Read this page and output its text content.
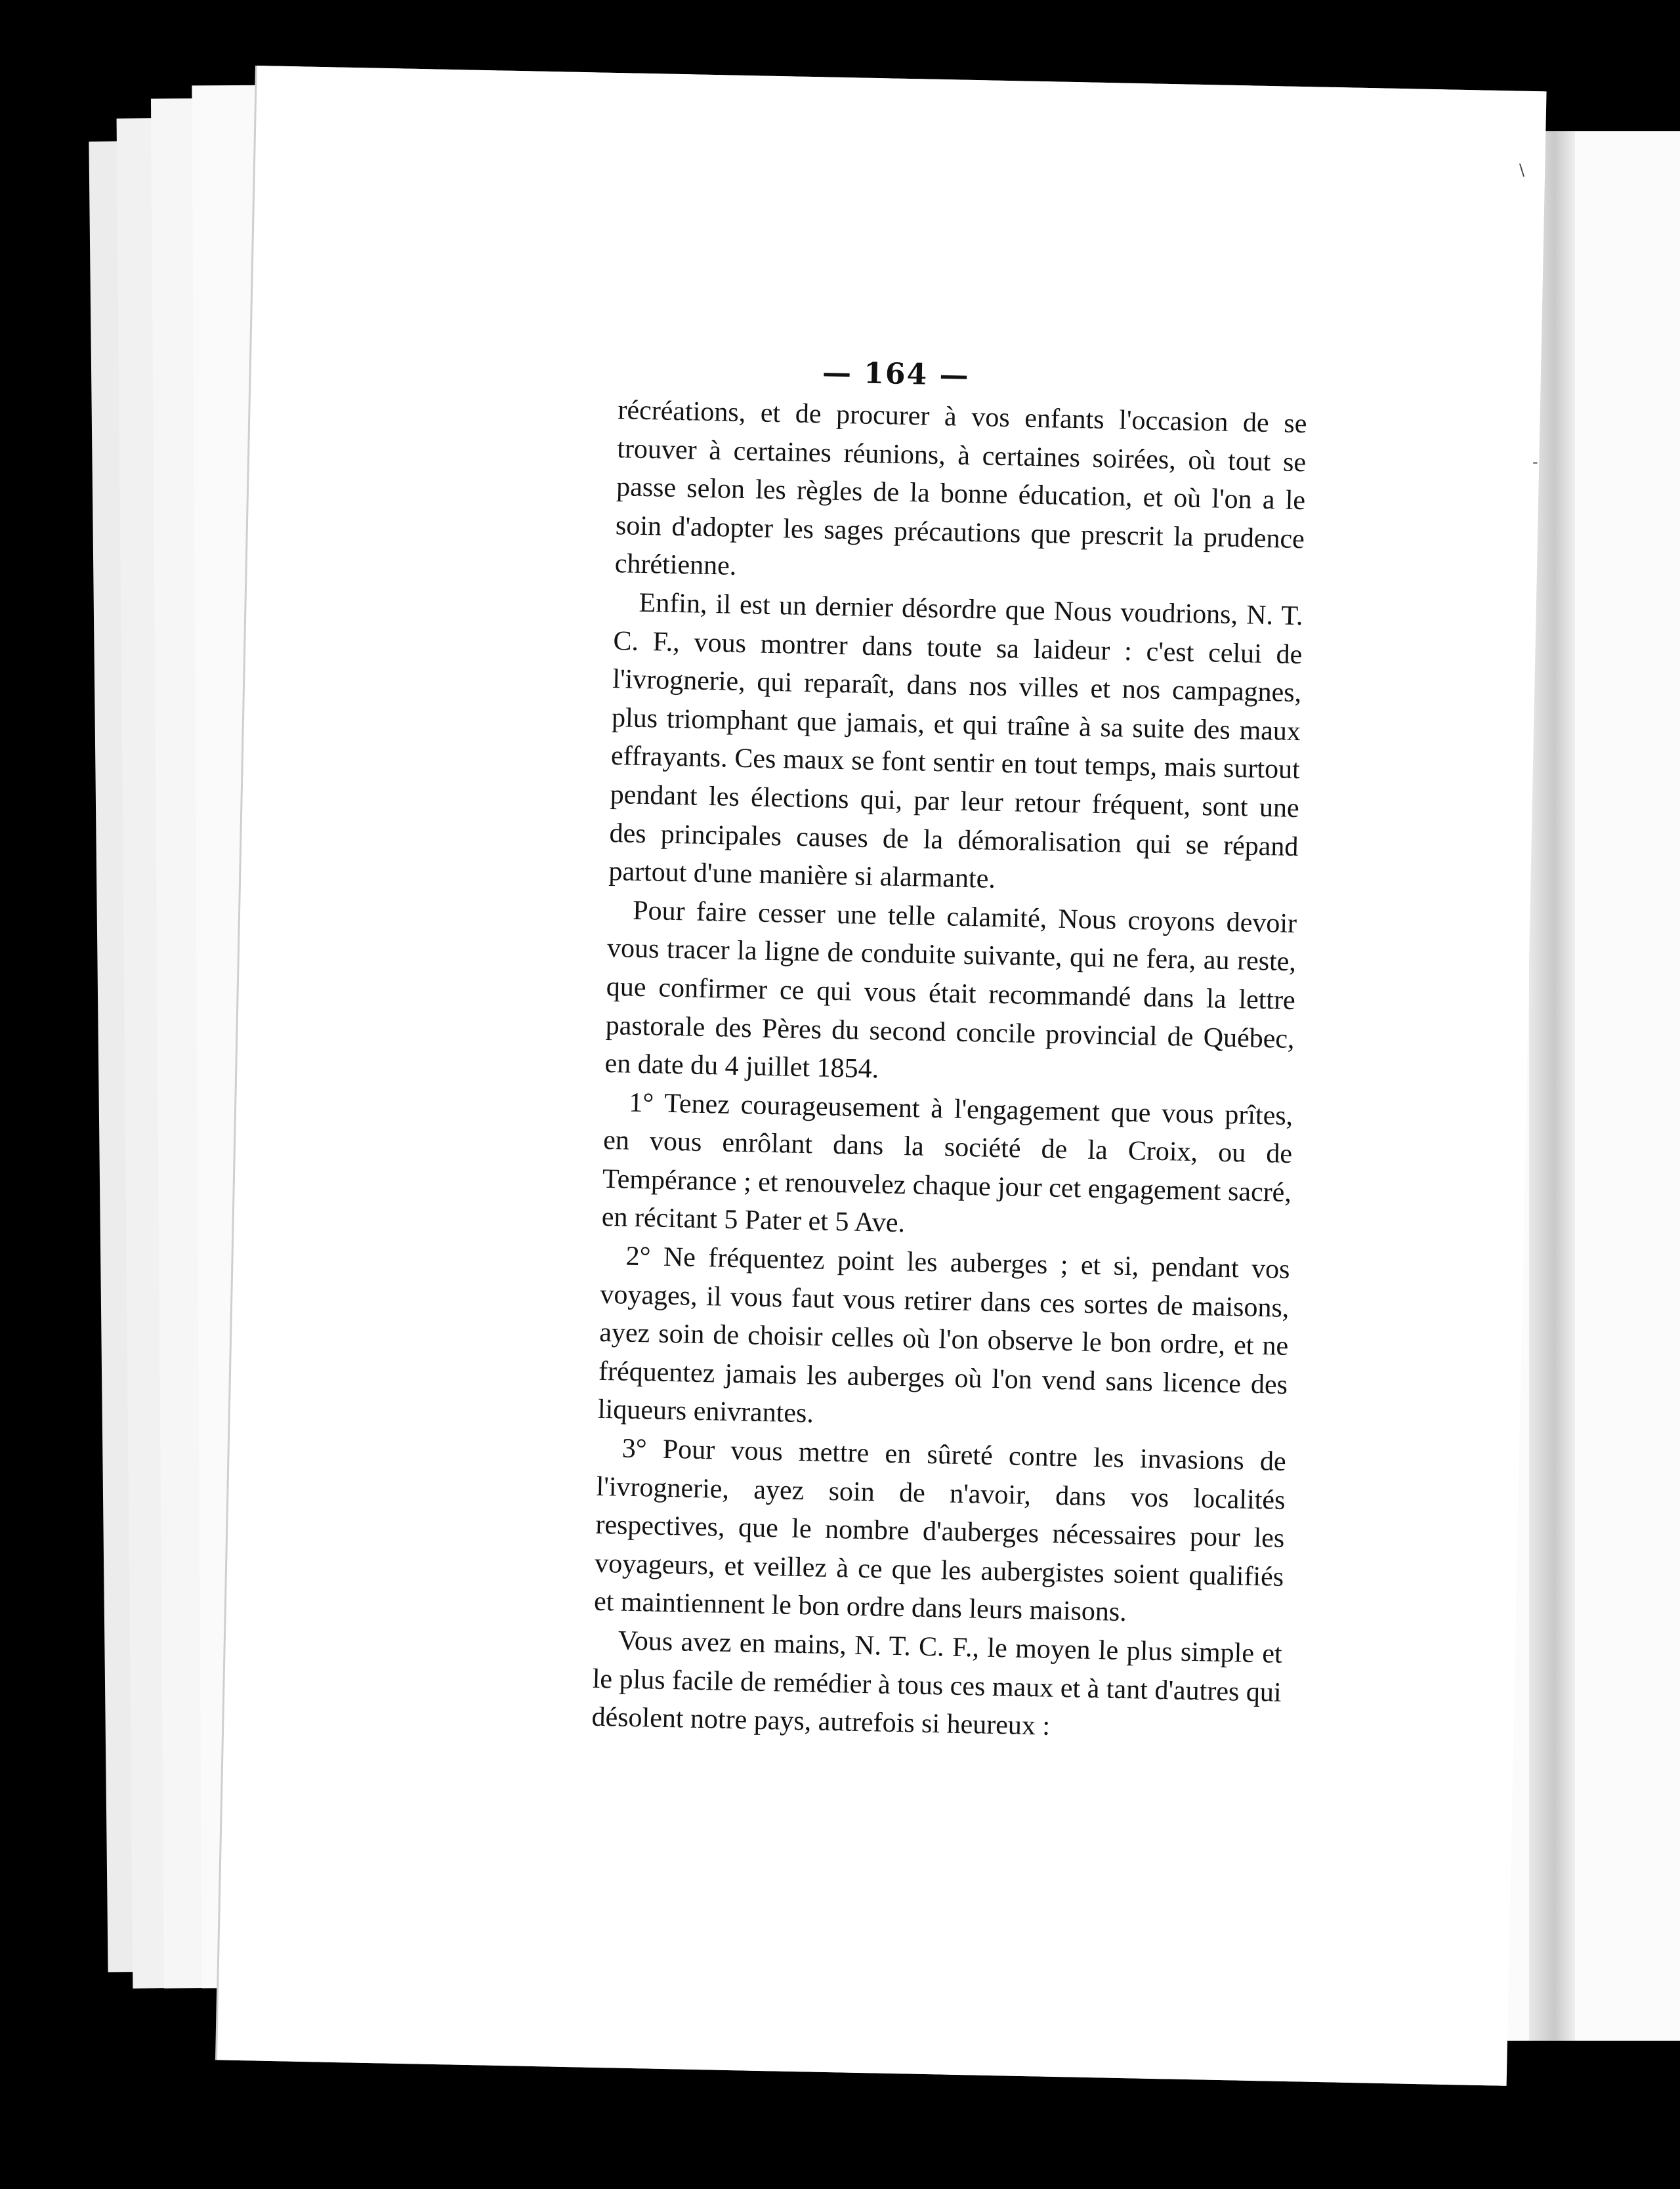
— 164 —

récréations, et de procurer à vos enfants l'occasion de se trouver à certaines réunions, à certaines soirées, où tout se passe selon les règles de la bonne éducation, et où l'on a le soin d'adopter les sages précautions que prescrit la prudence chrétienne.

Enfin, il est un dernier désordre que Nous voudrions, N. T. C. F., vous montrer dans toute sa laideur : c'est celui de l'ivrognerie, qui reparaît, dans nos villes et nos campagnes, plus triomphant que jamais, et qui traîne à sa suite des maux effrayants. Ces maux se font sentir en tout temps, mais surtout pendant les élections qui, par leur retour fréquent, sont une des principales causes de la démoralisation qui se répand partout d'une manière si alarmante.

Pour faire cesser une telle calamité, Nous croyons devoir vous tracer la ligne de conduite suivante, qui ne fera, au reste, que confirmer ce qui vous était recommandé dans la lettre pastorale des Pères du second concile provincial de Québec, en date du 4 juillet 1854.

1° Tenez courageusement à l'engagement que vous prîtes, en vous enrôlant dans la société de la Croix, ou de Tempérance ; et renouvelez chaque jour cet engagement sacré, en récitant 5 Pater et 5 Ave.

2° Ne fréquentez point les auberges ; et si, pendant vos voyages, il vous faut vous retirer dans ces sortes de maisons, ayez soin de choisir celles où l'on observe le bon ordre, et ne fréquentez jamais les auberges où l'on vend sans licence des liqueurs enivrantes.

3° Pour vous mettre en sûreté contre les invasions de l'ivrognerie, ayez soin de n'avoir, dans vos localités respectives, que le nombre d'auberges nécessaires pour les voyageurs, et veillez à ce que les aubergistes soient qualifiés et maintiennent le bon ordre dans leurs maisons.

Vous avez en mains, N. T. C. F., le moyen le plus simple et le plus facile de remédier à tous ces maux et à tant d'autres qui désolent notre pays, autrefois si heureux :

\
-
